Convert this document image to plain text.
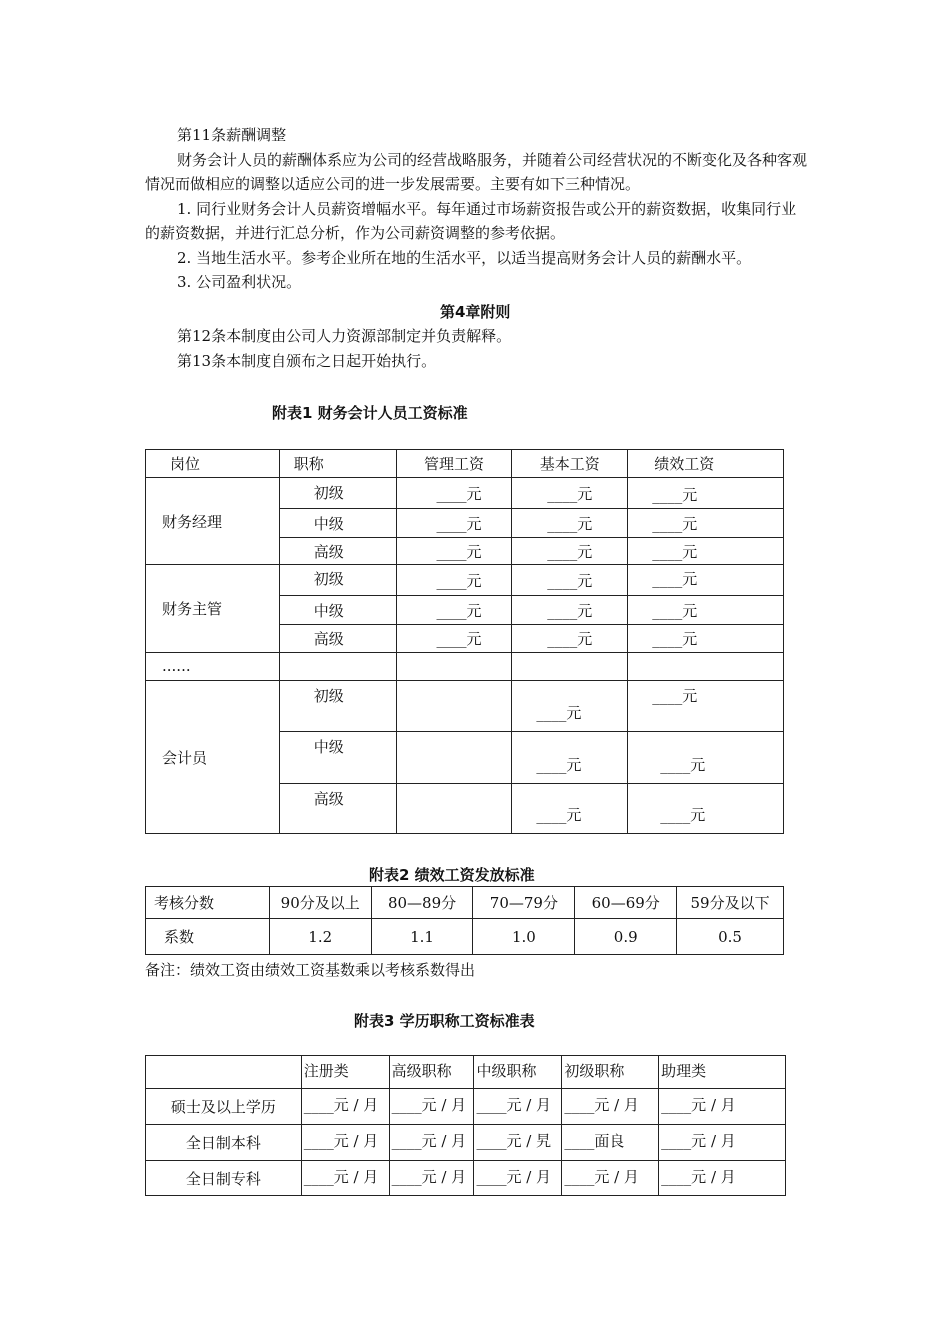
第11条薪酬调整

财务会计人员的薪酬体系应为公司的经营战略服务，并随着公司经营状况的不断变化及各种客观情况而做相应的调整以适应公司的进一步发展需要。主要有如下三种情况。

1. 同行业财务会计人员薪资增幅水平。每年通过市场薪资报告或公开的薪资数据，收集同行业的薪资数据，并进行汇总分析，作为公司薪资调整的参考依据。

2. 当地生活水平。参考企业所在地的生活水平，以适当提高财务会计人员的薪酬水平。

3. 公司盈利状况。

第4章附则
第12条本制度由公司人力资源部制定并负责解释。
第13条本制度自颁布之日起开始执行。
附表1 财务会计人员工资标准
岗位	职称	管理工资	基本工资	绩效工资
财务经理	初级	____元	____元	____元
	中级	____元	____元	____元
	高级	____元	____元	____元
财务主管	初级	____元	____元	____元
	中级	____元	____元	____元
	高级	____元	____元	____元
......				
会计员	初级		____元	____元
	中级		____元	____元
	高级		____元	____元
附表2 绩效工资发放标准
考核分数	90分及以上	80—89分	70—79分	60—69分	59分及以下
系数	1.2	1.1	1.0	0.9	0.5
备注：绩效工资由绩效工资基数乘以考核系数得出
附表3 学历职称工资标准表
	注册类	高级职称	中级职称	初级职称	助理类
硕士及以上学历	____元 / 月	____元 / 月	____元 / 月	____元 / 月	____元 / 月
全日制本科	____元 / 月	____元 / 月	____元 / 旯	____面良	____元 / 月
全日制专科	____元 / 月	____元 / 月	____元 / 月	____元 / 月	____元 / 月
